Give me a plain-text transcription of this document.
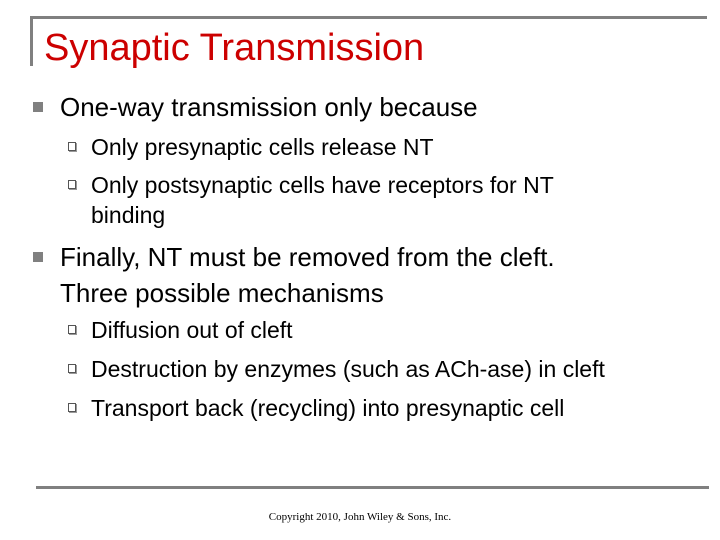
Synaptic Transmission
One-way transmission only because
Only presynaptic cells release NT
Only postsynaptic cells have receptors for NT
binding
Finally, NT must be removed from the cleft.
Three possible mechanisms
Diffusion out of cleft
Destruction by enzymes (such as ACh-ase) in cleft
Transport back (recycling) into presynaptic cell
Copyright 2010, John Wiley & Sons, Inc.
